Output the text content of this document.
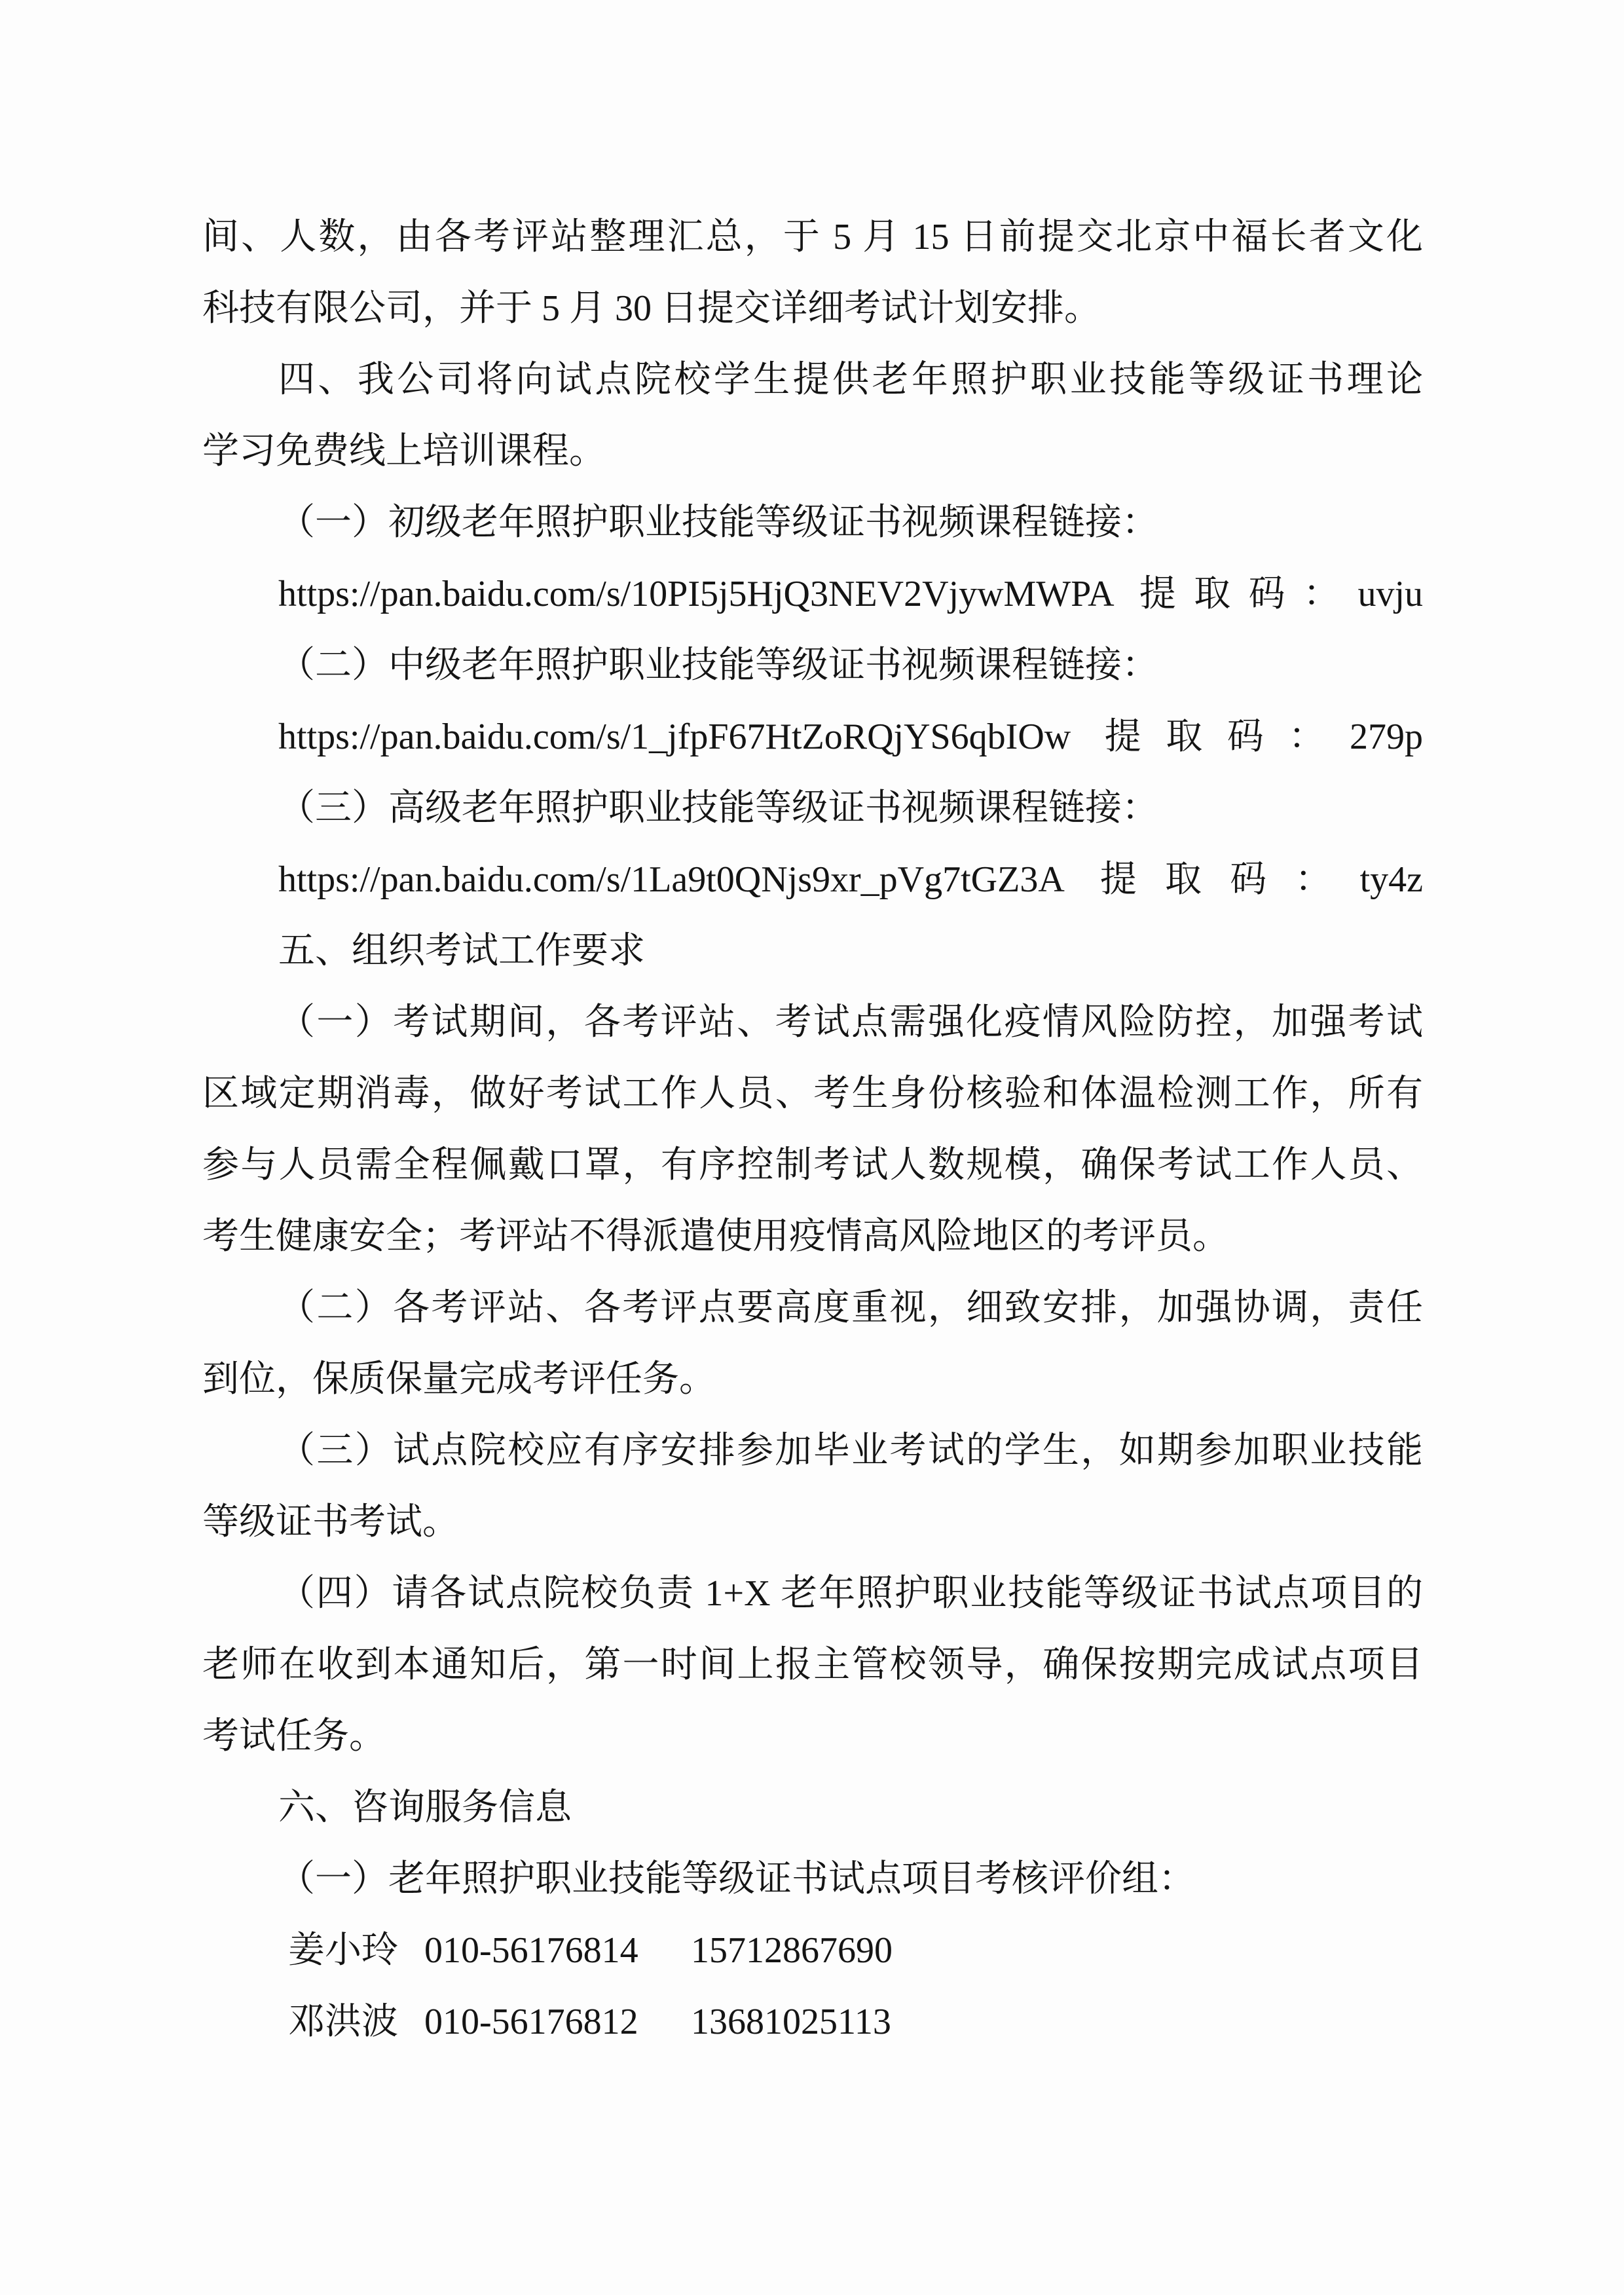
间、人数，由各考评站整理汇总，于 5 月 15 日前提交北京中福长者文化
科技有限公司，并于 5 月 30 日提交详细考试计划安排。
四、我公司将向试点院校学生提供老年照护职业技能等级证书理论
学习免费线上培训课程。
（一）初级老年照护职业技能等级证书视频课程链接：
https://pan.baidu.com/s/10PI5j5HjQ3NEV2VjywMWPA 提取码：uvju
（二）中级老年照护职业技能等级证书视频课程链接：
https://pan.baidu.com/s/1_jfpF67HtZoRQjYS6qbIOw 提取码：279p
（三）高级老年照护职业技能等级证书视频课程链接：
https://pan.baidu.com/s/1La9t0QNjs9xr_pVg7tGZ3A 提取码：ty4z
五、组织考试工作要求
（一）考试期间，各考评站、考试点需强化疫情风险防控，加强考试
区域定期消毒，做好考试工作人员、考生身份核验和体温检测工作，所有
参与人员需全程佩戴口罩，有序控制考试人数规模，确保考试工作人员、
考生健康安全；考评站不得派遣使用疫情高风险地区的考评员。
（二）各考评站、各考评点要高度重视，细致安排，加强协调，责任
到位，保质保量完成考评任务。
（三）试点院校应有序安排参加毕业考试的学生，如期参加职业技能
等级证书考试。
（四）请各试点院校负责 1+X 老年照护职业技能等级证书试点项目的
老师在收到本通知后，第一时间上报主管校领导，确保按期完成试点项目
考试任务。
六、咨询服务信息
（一）老年照护职业技能等级证书试点项目考核评价组：
姜小玲 010-56176814 15712867690
邓洪波 010-56176812 13681025113
